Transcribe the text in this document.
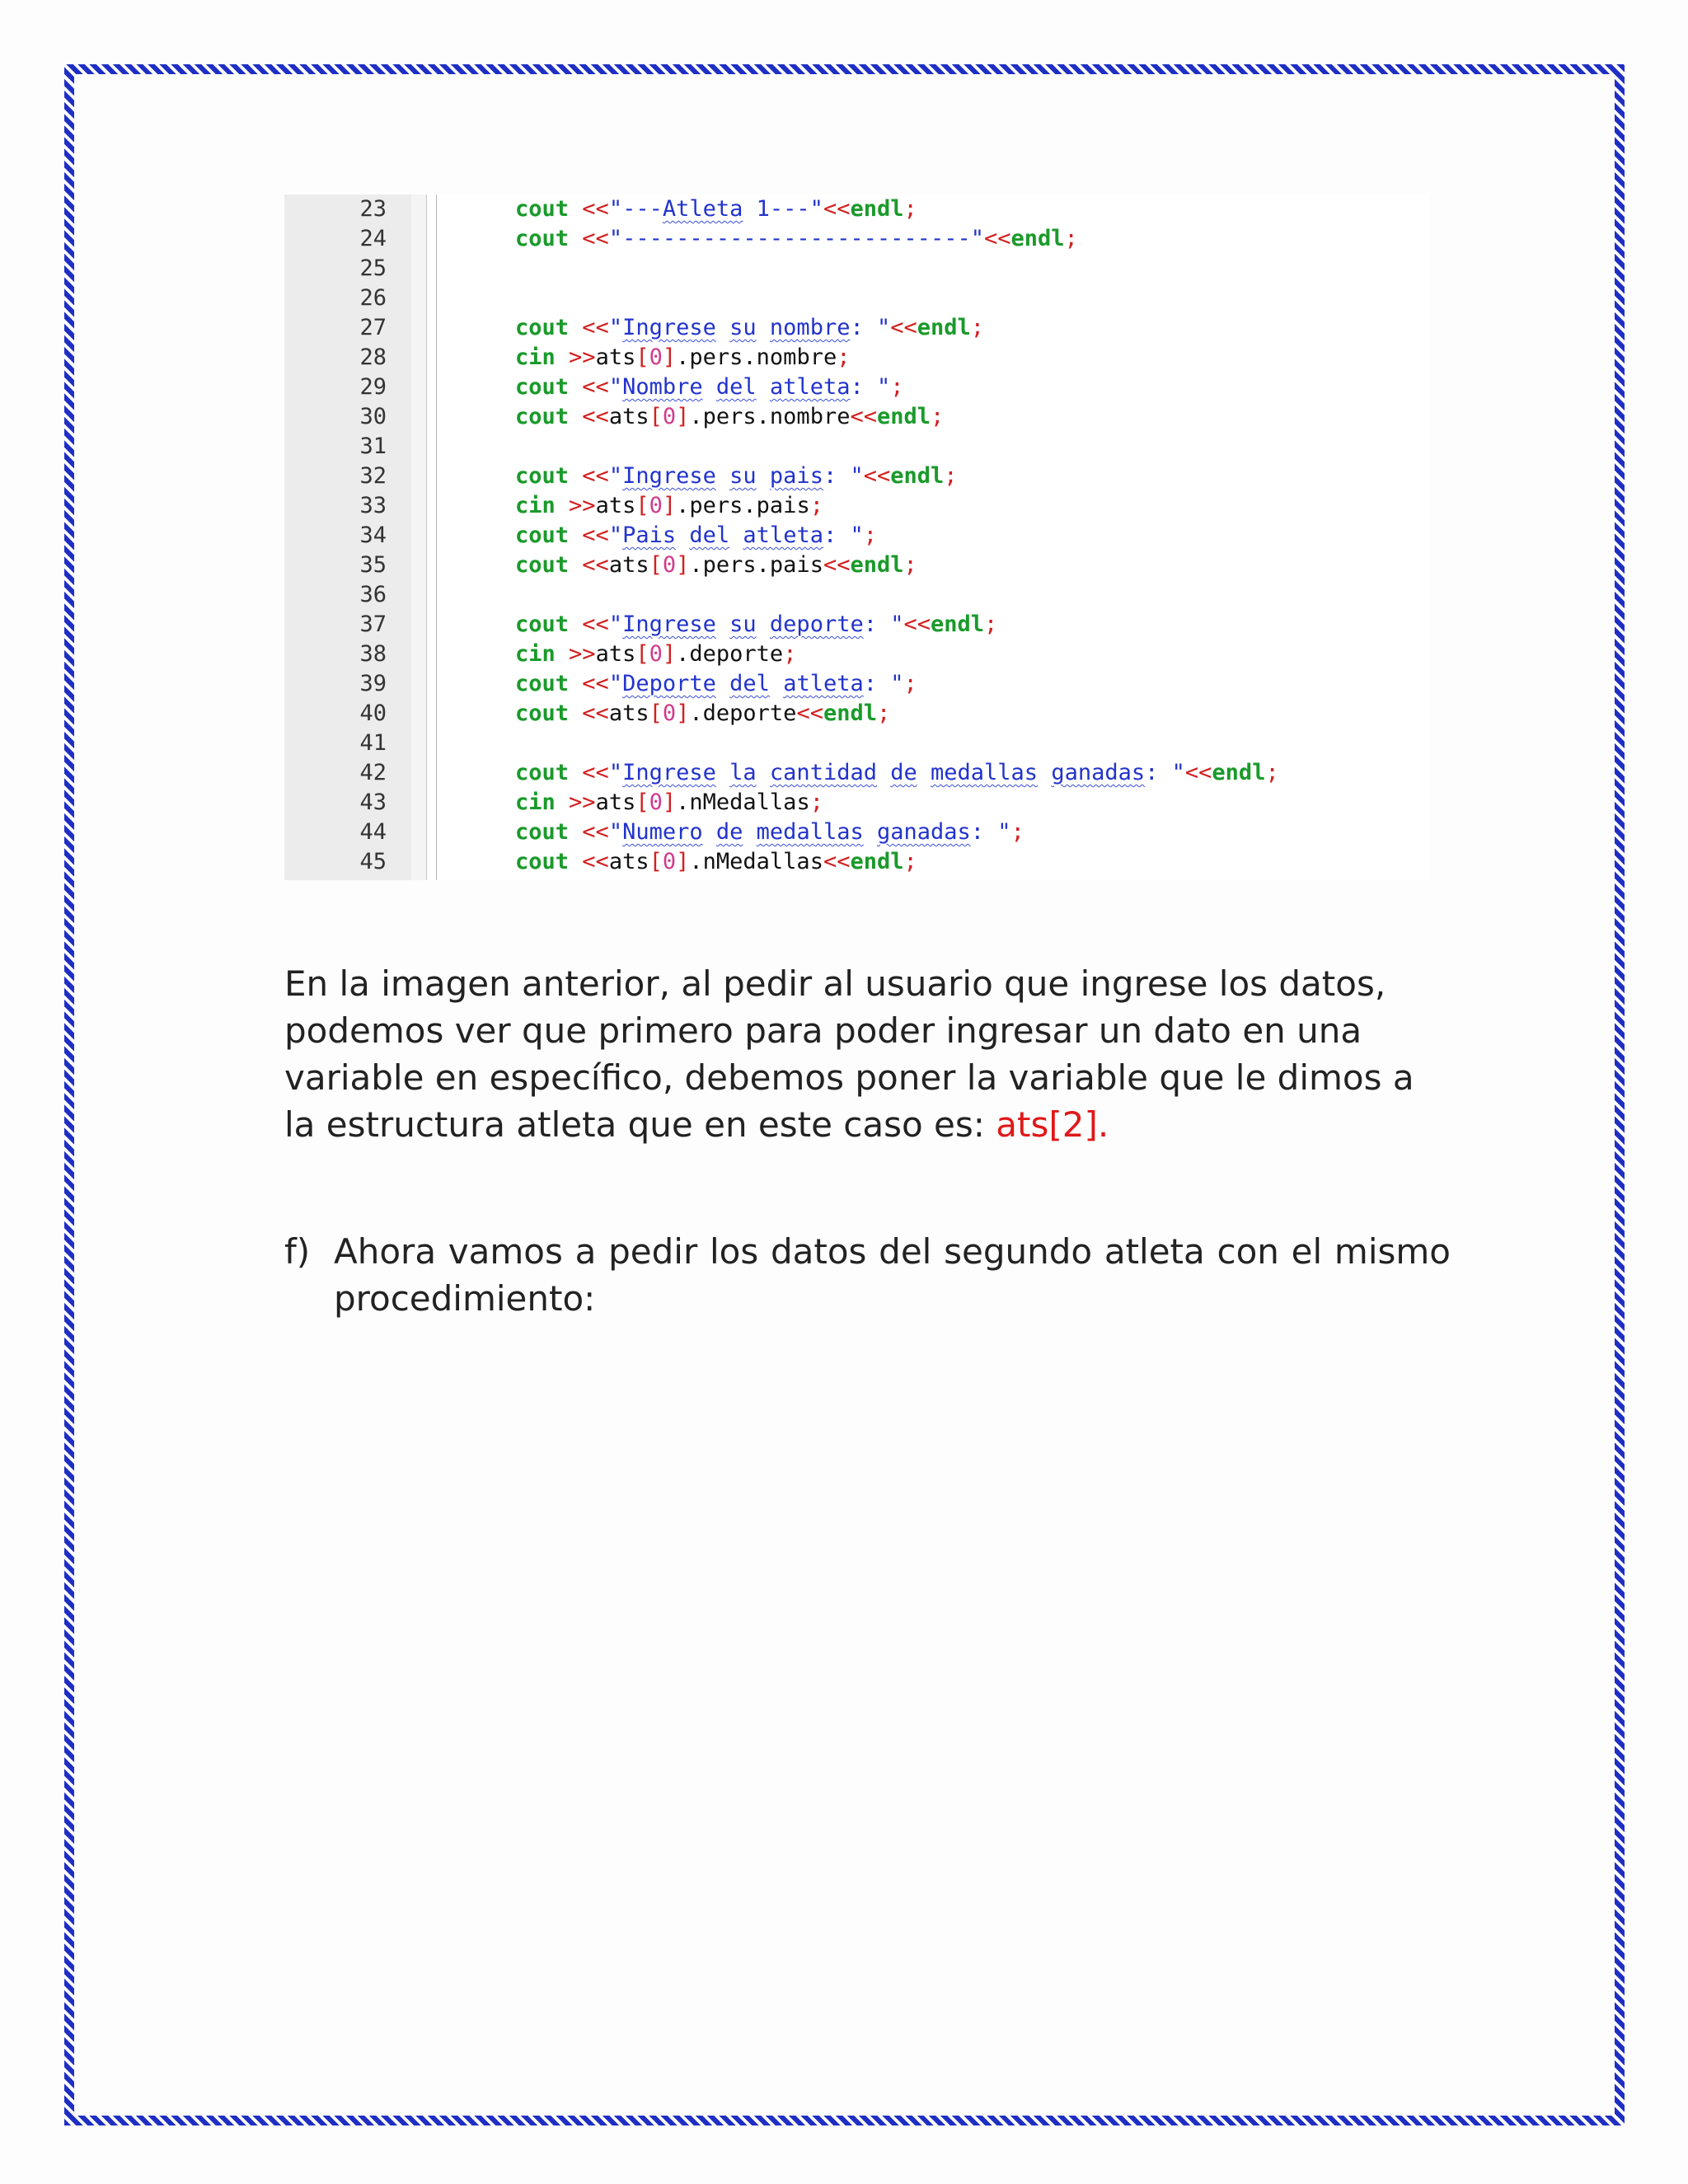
23	cout <<"---Atleta 1---"<<endl;
24	cout <<"--------------------------"<<endl;
25
26
27	cout <<"Ingrese su nombre: "<<endl;
28	cin >>ats[0].pers.nombre;
29	cout <<"Nombre del atleta: ";
30	cout <<ats[0].pers.nombre<<endl;
31
32	cout <<"Ingrese su pais: "<<endl;
33	cin >>ats[0].pers.pais;
34	cout <<"Pais del atleta: ";
35	cout <<ats[0].pers.pais<<endl;
36
37	cout <<"Ingrese su deporte: "<<endl;
38	cin >>ats[0].deporte;
39	cout <<"Deporte del atleta: ";
40	cout <<ats[0].deporte<<endl;
41
42	cout <<"Ingrese la cantidad de medallas ganadas: "<<endl;
43	cin >>ats[0].nMedallas;
44	cout <<"Numero de medallas ganadas: ";
45	cout <<ats[0].nMedallas<<endl;
En la imagen anterior, al pedir al usuario que ingrese los datos, podemos ver que primero para poder ingresar un dato en una variable en específico, debemos poner la variable que le dimos a la estructura atleta que en este caso es: ats[2].
f) Ahora vamos a pedir los datos del segundo atleta con el mismo procedimiento:
